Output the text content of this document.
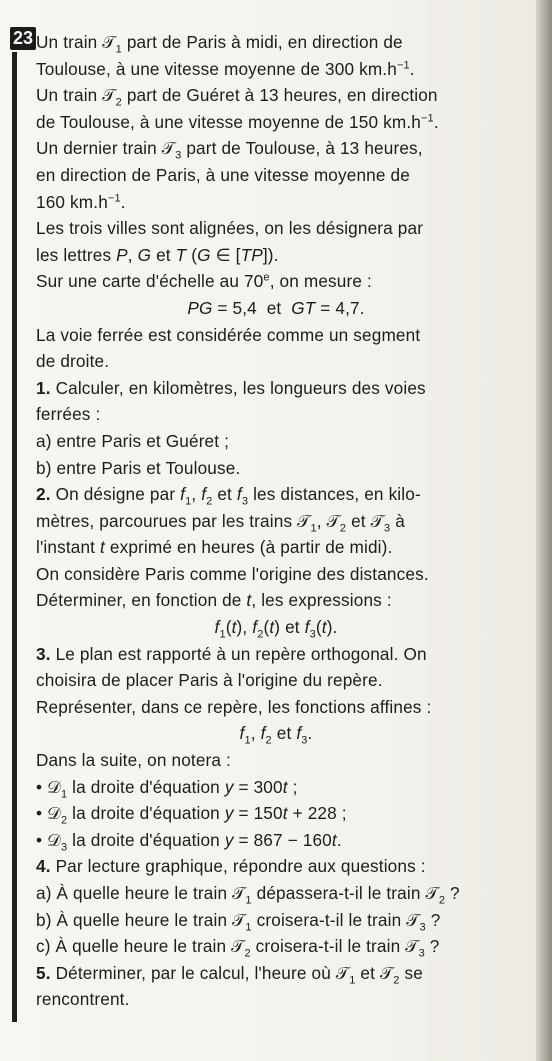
23 Un train 𝒯$_1$ part de Paris à midi, en direction de
Toulouse, à une vitesse moyenne de 300 $km.h^{-1}$.
Un train 𝒯$_2$ part de Guéret à 13 heures, en direction
de Toulouse, à une vitesse moyenne de 150 $km.h^{-1}$.
Un dernier train 𝒯$_3$ part de Toulouse, à 13 heures,
en direction de Paris, à une vitesse moyenne de
160 $km.h^{-1}$.
Les trois villes sont alignées, on les désignera par
les lettres P, G et T (G ∈ [TP]).
Sur une carte d'échelle au 70e, on mesure :
PG = 5,4  et  GT = 4,7.
La voie ferrée est considérée comme un segment
de droite.
1. Calculer, en kilomètres, les longueurs des voies
ferrées :
a) entre Paris et Guéret ;
b) entre Paris et Toulouse.
2. On désigne par $f_1$, $f_2$ et $f_3$ les distances, en kilo-
mètres, parcourues par les trains 𝒯$_1$, 𝒯$_2$ et 𝒯$_3$ à
l'instant t exprimé en heures (à partir de midi).
On considère Paris comme l'origine des distances.
Déterminer, en fonction de t, les expressions :
$f_1(t)$, $f_2(t)$ et $f_3(t)$.
3. Le plan est rapporté à un repère orthogonal. On
choisira de placer Paris à l'origine du repère.
Représenter, dans ce repère, les fonctions affines :
$f_1$, $f_2$ et $f_3$.
Dans la suite, on notera :
• 𝒟$_1$ la droite d'équation y = 300t ;
• 𝒟$_2$ la droite d'équation y = 150t + 228 ;
• 𝒟$_3$ la droite d'équation y = 867 − 160t.
4. Par lecture graphique, répondre aux questions :
a) À quelle heure le train 𝒯$_1$ dépassera-t-il le train 𝒯$_2$ ?
b) À quelle heure le train 𝒯$_1$ croisera-t-il le train 𝒯$_3$ ?
c) À quelle heure le train 𝒯$_2$ croisera-t-il le train 𝒯$_3$ ?
5. Déterminer, par le calcul, l'heure où 𝒯$_1$ et 𝒯$_2$ se
rencontrent.
